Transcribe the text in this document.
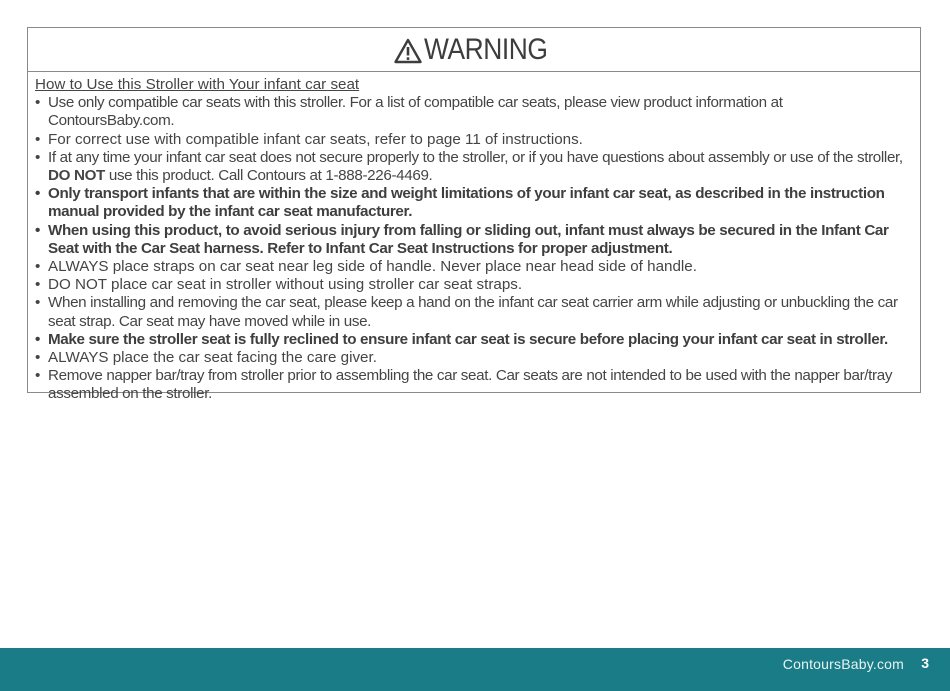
WARNING
How to Use this Stroller with Your infant car seat
• Use only compatible car seats with this stroller. For a list of compatible car seats, please view product information at ContoursBaby.com.
• For correct use with compatible infant car seats, refer to page 11 of instructions.
• If at any time your infant car seat does not secure properly to the stroller, or if you have questions about assembly or use of the stroller,
DO NOT use this product. Call Contours at 1-888-226-4469.
• Only transport infants that are within the size and weight limitations of your infant car seat, as described in the instruction manual provided by the infant car seat manufacturer.
• When using this product, to avoid serious injury from falling or sliding out, infant must always be secured in the Infant Car Seat with the Car Seat harness. Refer to Infant Car Seat Instructions for proper adjustment.
• ALWAYS place straps on car seat near leg side of handle. Never place near head side of handle.
• DO NOT place car seat in stroller without using stroller car seat straps.
• When installing and removing the car seat, please keep a hand on the infant car seat carrier arm while adjusting or unbuckling the car seat strap. Car seat may have moved while in use.
• Make sure the stroller seat is fully reclined to ensure infant car seat is secure before placing your infant car seat in stroller.
• ALWAYS place the car seat facing the care giver.
• Remove napper bar/tray from stroller prior to assembling the car seat. Car seats are not intended to be used with the napper bar/tray assembled on the stroller.
ContoursBaby.com 3
